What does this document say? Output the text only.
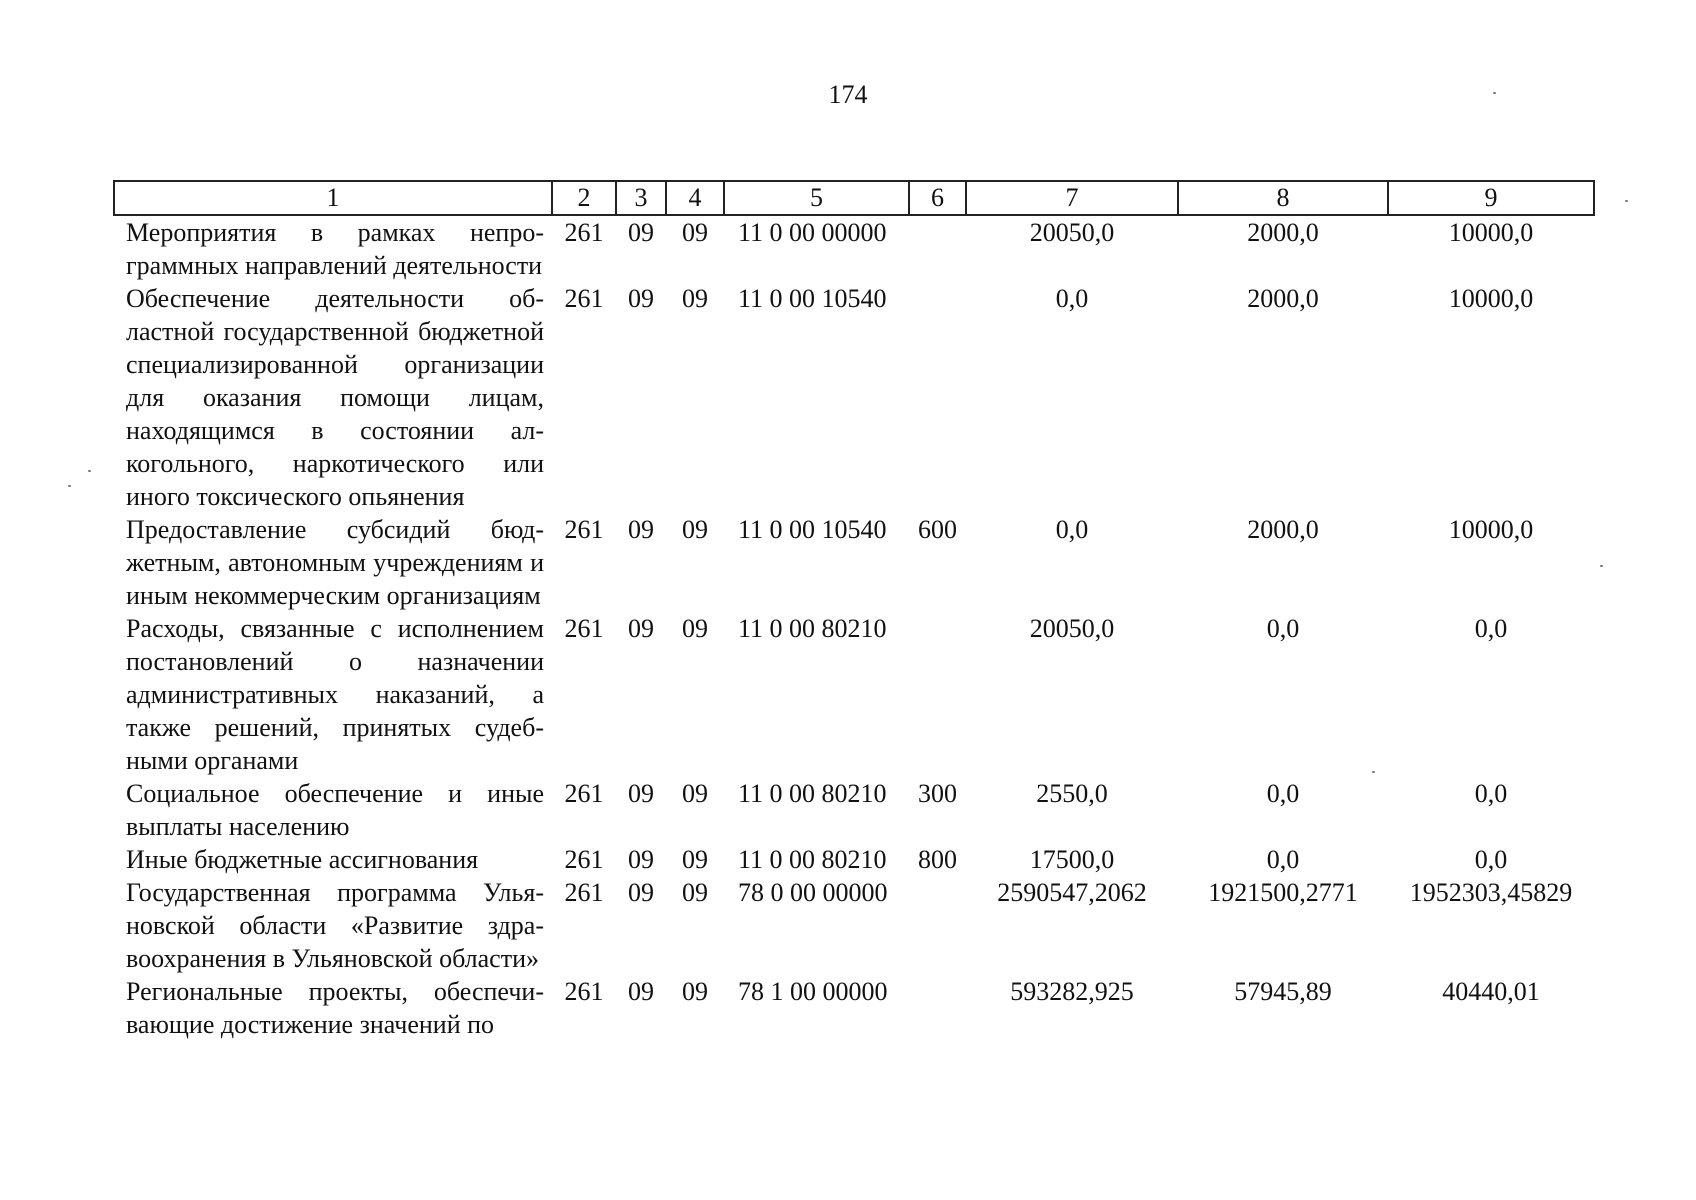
174
1	2	3	4	5	6	7	8	9
Мероприятия в рамках непрограммных направлений деятельности	261	09	09	11 0 00 00000		20050,0	2000,0	10000,0
Обеспечение деятельности областной государственной бюджетной специализированной организации для оказания помощи лицам, находящимся в состоянии алкогольного, наркотического или иного токсического опьянения	261	09	09	11 0 00 10540		0,0	2000,0	10000,0
Предоставление субсидий бюджетным, автономным учреждениям и иным некоммерческим организациям	261	09	09	11 0 00 10540	600	0,0	2000,0	10000,0
Расходы, связанные с исполнением постановлений о назначении административных наказаний, а также решений, принятых судебными органами	261	09	09	11 0 00 80210		20050,0	0,0	0,0
Социальное обеспечение и иные выплаты населению	261	09	09	11 0 00 80210	300	2550,0	0,0	0,0
Иные бюджетные ассигнования	261	09	09	11 0 00 80210	800	17500,0	0,0	0,0
Государственная программа Ульяновской области «Развитие здравоохранения в Ульяновской области»	261	09	09	78 0 00 00000		2590547,2062	1921500,2771	1952303,45829
Региональные проекты, обеспечивающие достижение значений по	261	09	09	78 1 00 00000		593282,925	57945,89	40440,01
